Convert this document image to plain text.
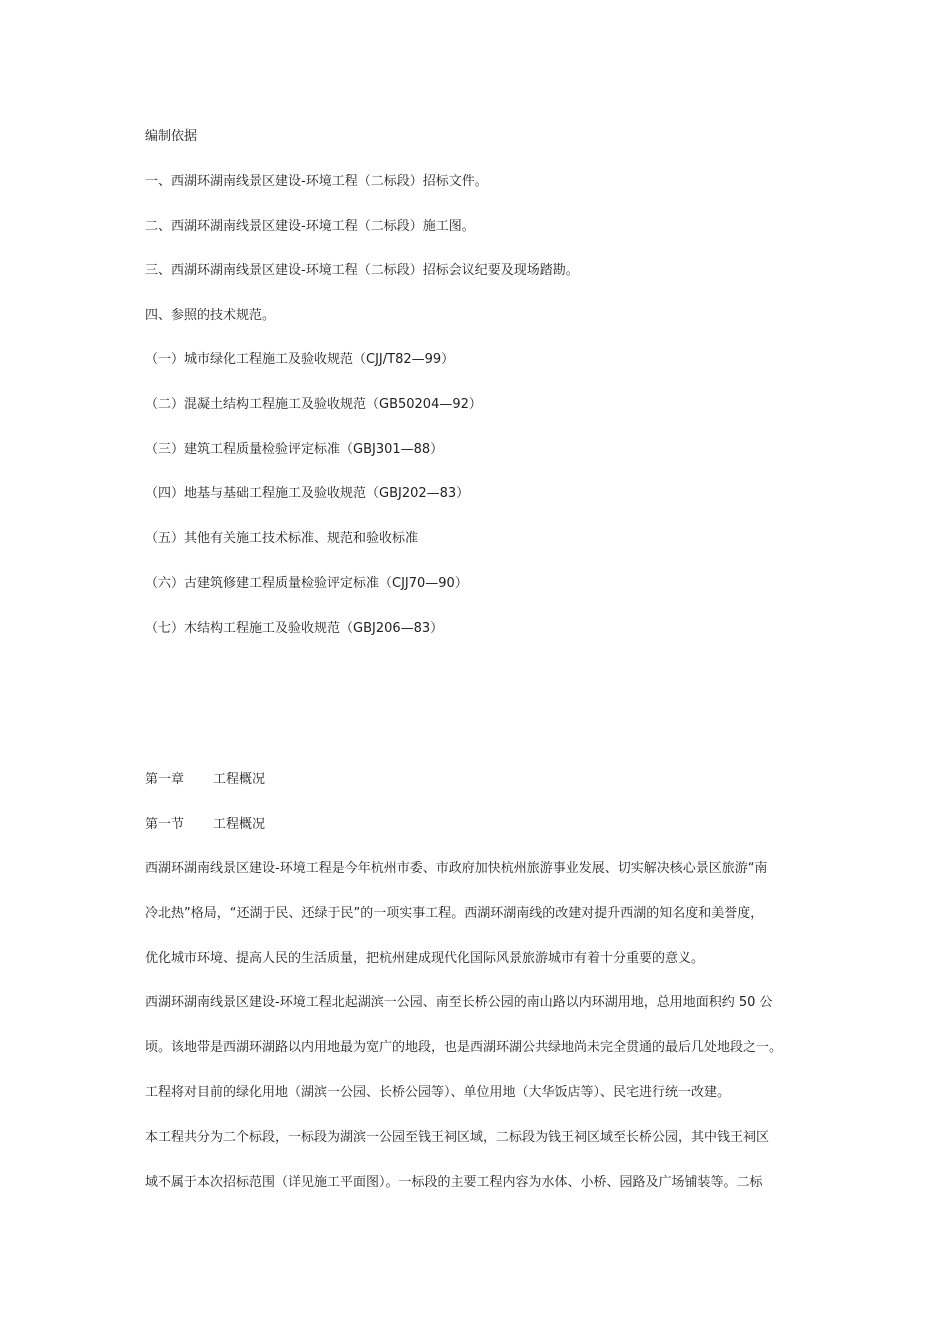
编制依据
一、西湖环湖南线景区建设-环境工程（二标段）招标文件。
二、西湖环湖南线景区建设-环境工程（二标段）施工图。
三、西湖环湖南线景区建设-环境工程（二标段）招标会议纪要及现场踏勘。
四、参照的技术规范。
（一）城市绿化工程施工及验收规范（CJJ/T82—99）
（二）混凝土结构工程施工及验收规范（GB50204—92）
（三）建筑工程质量检验评定标准（GBJ301—88）
（四）地基与基础工程施工及验收规范（GBJ202—83）
（五）其他有关施工技术标准、规范和验收标准
（六）古建筑修建工程质量检验评定标准（CJJ70—90）
（七）木结构工程施工及验收规范（GBJ206—83）
第一章 工程概况
第一节 工程概况
西湖环湖南线景区建设-环境工程是今年杭州市委、市政府加快杭州旅游事业发展、切实解决核心景区旅游“南
冷北热”格局，“还湖于民、还绿于民”的一项实事工程。西湖环湖南线的改建对提升西湖的知名度和美誉度，
优化城市环境、提高人民的生活质量，把杭州建成现代化国际风景旅游城市有着十分重要的意义。
西湖环湖南线景区建设-环境工程北起湖滨一公园、南至长桥公园的南山路以内环湖用地，总用地面积约 50 公
顷。该地带是西湖环湖路以内用地最为宽广的地段，也是西湖环湖公共绿地尚未完全贯通的最后几处地段之一。
工程将对目前的绿化用地（湖滨一公园、长桥公园等）、单位用地（大华饭店等）、民宅进行统一改建。
本工程共分为二个标段，一标段为湖滨一公园至钱王祠区域，二标段为钱王祠区域至长桥公园，其中钱王祠区
域不属于本次招标范围（详见施工平面图）。一标段的主要工程内容为水体、小桥、园路及广场铺装等。二标
